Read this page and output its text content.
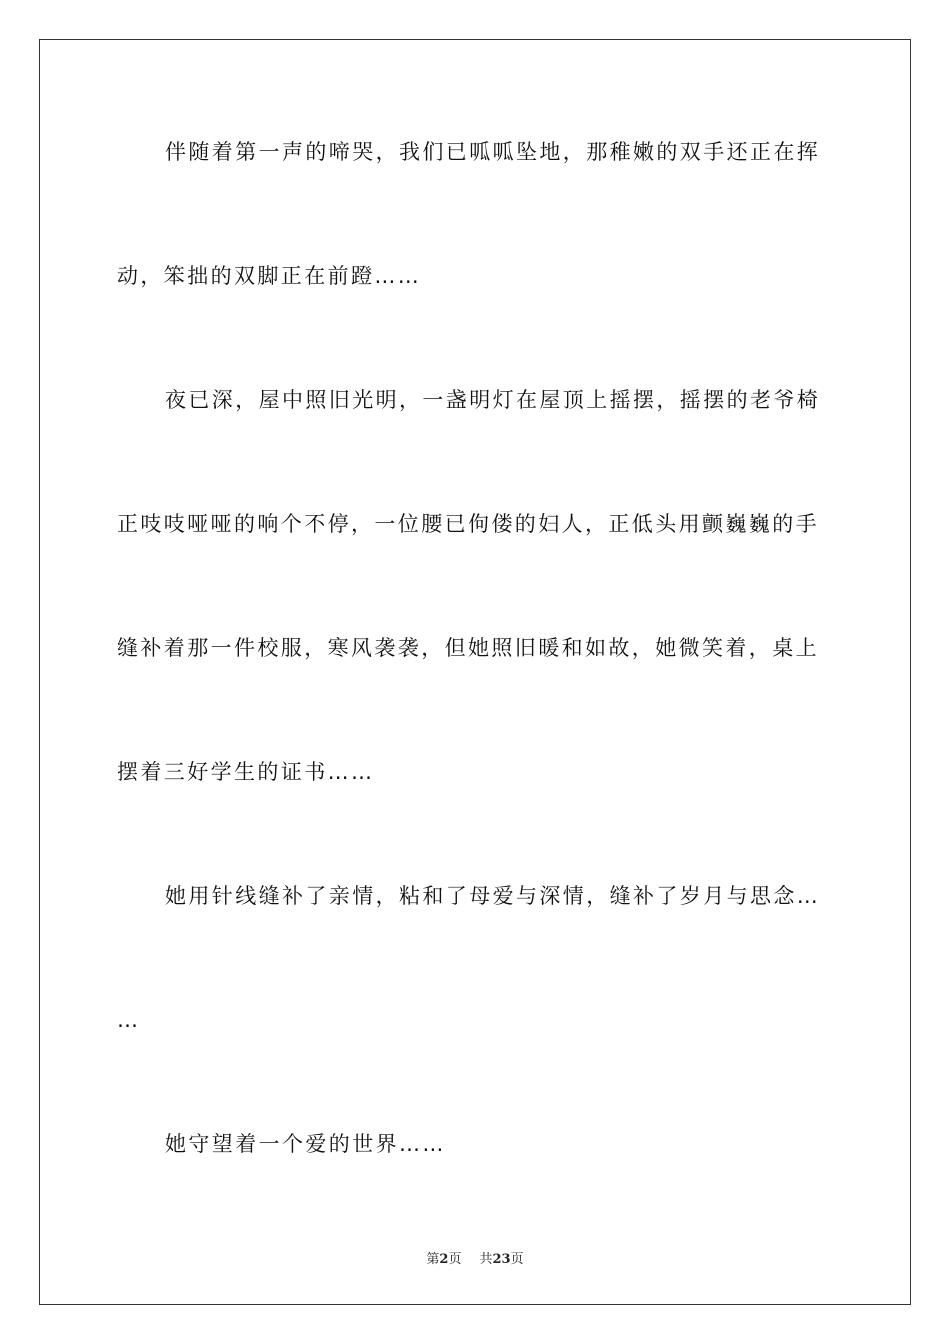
伴随着第一声的啼哭，我们已呱呱坠地，那稚嫩的双手还正在挥
动，笨拙的双脚正在前蹬……
夜已深，屋中照旧光明，一盏明灯在屋顶上摇摆，摇摆的老爷椅
正吱吱哑哑的响个不停，一位腰已佝偻的妇人，正低头用颤巍巍的手
缝补着那一件校服，寒风袭袭，但她照旧暖和如故，她微笑着，桌上
摆着三好学生的证书……
她用针线缝补了亲情，粘和了母爱与深情，缝补了岁月与思念…
…
她守望着一个爱的世界……
第2页 共23页
